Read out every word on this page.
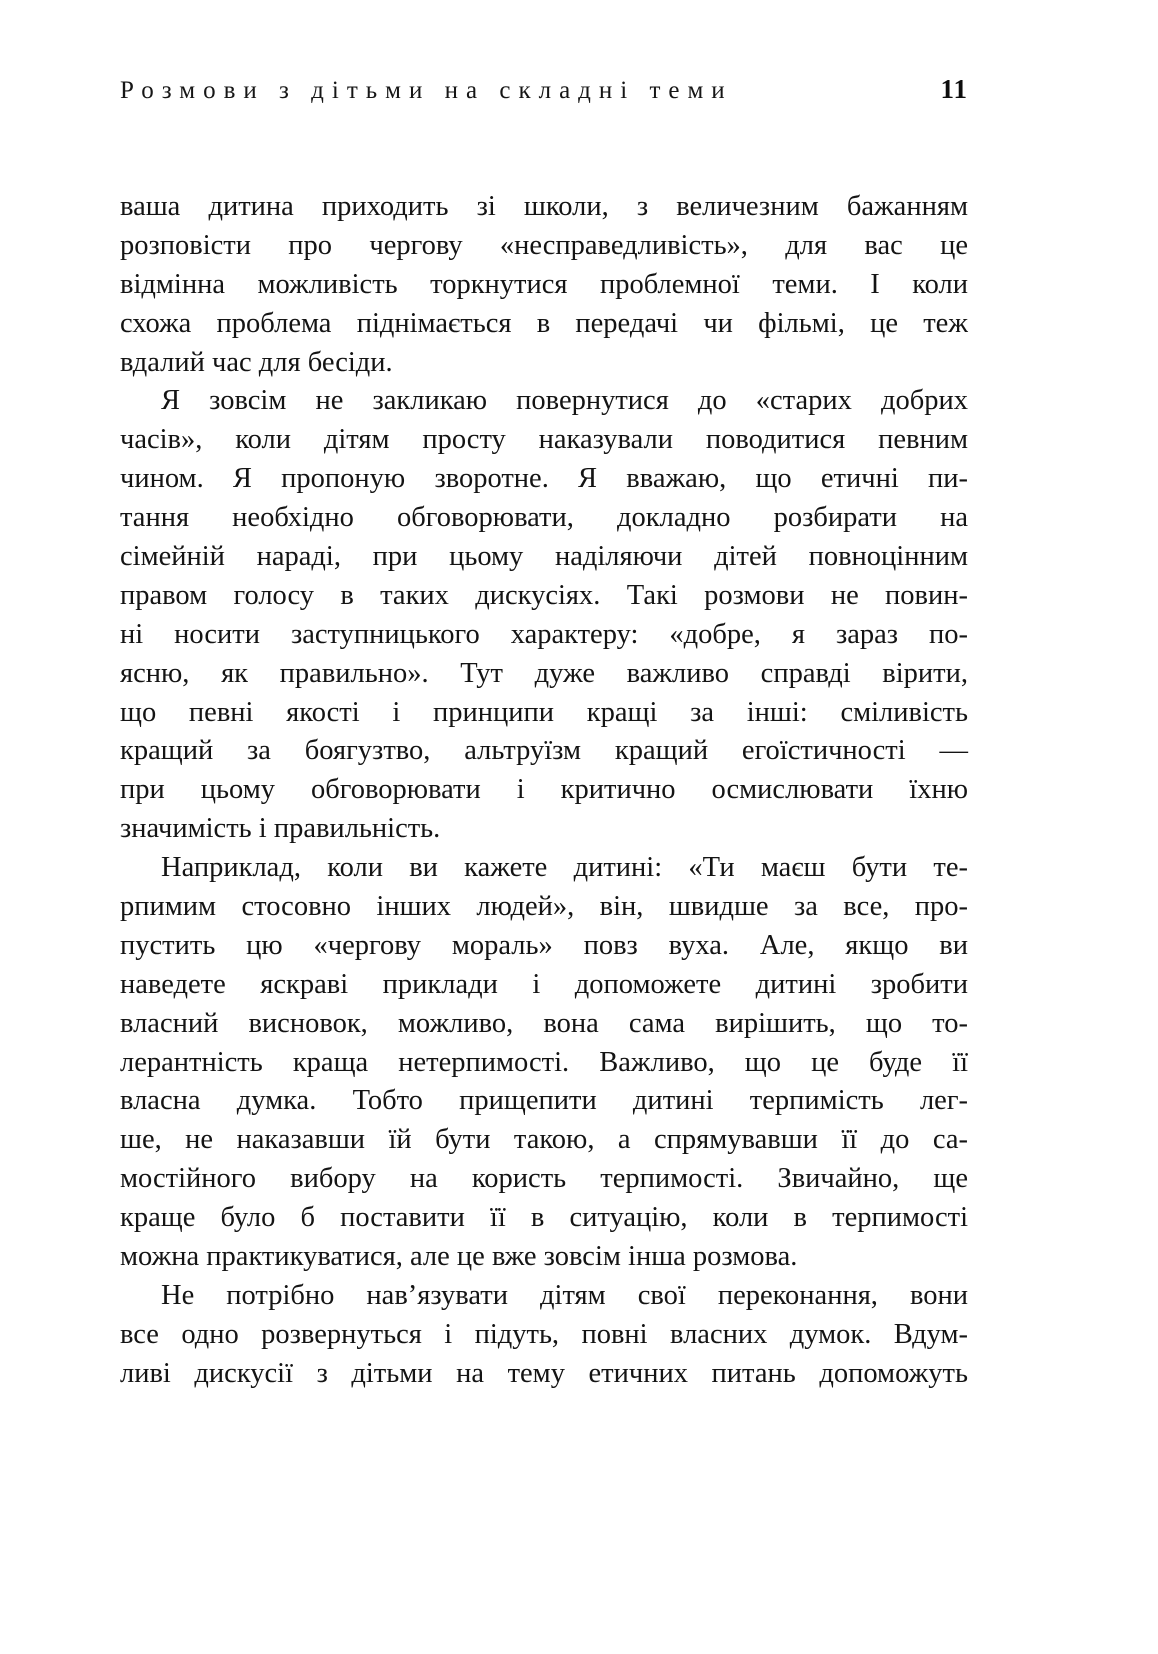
Розмови з дітьми на складні теми	11
ваша дитина приходить зі школи, з величезним бажанням
розповісти про чергову «несправедливість», для вас це
відмінна можливість торкнутися проблемної теми. І коли
схожа проблема піднімається в передачі чи фільмі, це теж
вдалий час для бесіди.
Я зовсім не закликаю повернутися до «старих добрих
часів», коли дітям просту наказували поводитися певним
чином. Я пропоную зворотне. Я вважаю, що етичні пи-
тання необхідно обговорювати, докладно розбирати на
сімейній нараді, при цьому наділяючи дітей повноцінним
правом голосу в таких дискусіях. Такі розмови не повин-
ні носити заступницького характеру: «добре, я зараз по-
ясню, як правильно». Тут дуже важливо справді вірити,
що певні якості і принципи кращі за інші: сміливість
кращий за боягузтво, альтруїзм кращий егоїстичності —
при цьому обговорювати і критично осмислювати їхню
значимість і правильність.
Наприклад, коли ви кажете дитині: «Ти маєш бути те-
рпимим стосовно інших людей», він, швидше за все, про-
пустить цю «чергову мораль» повз вуха. Але, якщо ви
наведете яскраві приклади і допоможете дитині зробити
власний висновок, можливо, вона сама вирішить, що то-
лерантність краща нетерпимості. Важливо, що це буде її
власна думка. Тобто прищепити дитині терпимість лег-
ше, не наказавши їй бути такою, а спрямувавши її до са-
мостійного вибору на користь терпимості. Звичайно, ще
краще було б поставити її в ситуацію, коли в терпимості
можна практикуватися, але це вже зовсім інша розмова.
Не потрібно нав’язувати дітям свої переконання, вони
все одно розвернуться і підуть, повні власних думок. Вдум-
ливі дискусії з дітьми на тему етичних питань допоможуть
